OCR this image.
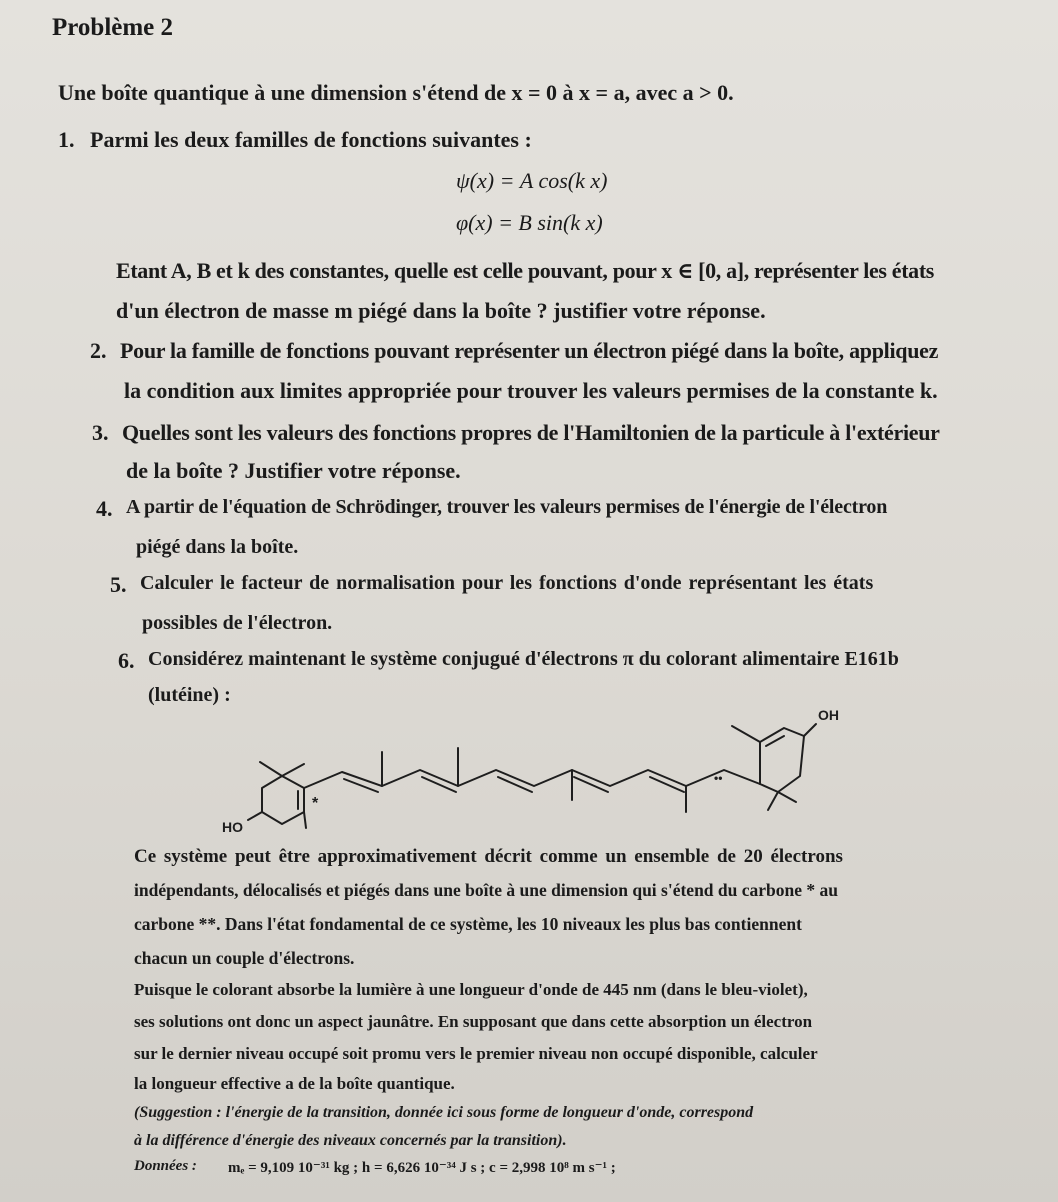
Problème 2
Une boîte quantique à une dimension s'étend de x = 0 à x = a, avec a > 0.
1. Parmi les deux familles de fonctions suivantes :
ψ(x) = A cos(k x)
φ(x) = B sin(k x)
Etant A, B et k des constantes, quelle est celle pouvant, pour x ∈ [0, a], représenter les états
d'un électron de masse m piégé dans la boîte ? justifier votre réponse.
2. Pour la famille de fonctions pouvant représenter un électron piégé dans la boîte, appliquez
la condition aux limites appropriée pour trouver les valeurs permises de la constante k.
3. Quelles sont les valeurs des fonctions propres de l'Hamiltonien de la particule à l'extérieur
de la boîte ? Justifier votre réponse.
4. A partir de l'équation de Schrödinger, trouver les valeurs permises de l'énergie de l'électron
piégé dans la boîte.
5. Calculer le facteur de normalisation pour les fonctions d'onde représentant les états
possibles de l'électron.
6. Considérez maintenant le système conjugué d'électrons π du colorant alimentaire E161b
(lutéine) :
OH
HO
*
••
Ce système peut être approximativement décrit comme un ensemble de 20 électrons
indépendants, délocalisés et piégés dans une boîte à une dimension qui s'étend du carbone * au
carbone **. Dans l'état fondamental de ce système, les 10 niveaux les plus bas contiennent
chacun un couple d'électrons.
Puisque le colorant absorbe la lumière à une longueur d'onde de 445 nm (dans le bleu-violet),
ses solutions ont donc un aspect jaunâtre. En supposant que dans cette absorption un électron
sur le dernier niveau occupé soit promu vers le premier niveau non occupé disponible, calculer
la longueur effective a de la boîte quantique.
(Suggestion : l'énergie de la transition, donnée ici sous forme de longueur d'onde, correspond
à la différence d'énergie des niveaux concernés par la transition).
Données : mₑ = 9,109 10⁻³¹ kg ; h = 6,626 10⁻³⁴ J s ; c = 2,998 10⁸ m s⁻¹ ;
